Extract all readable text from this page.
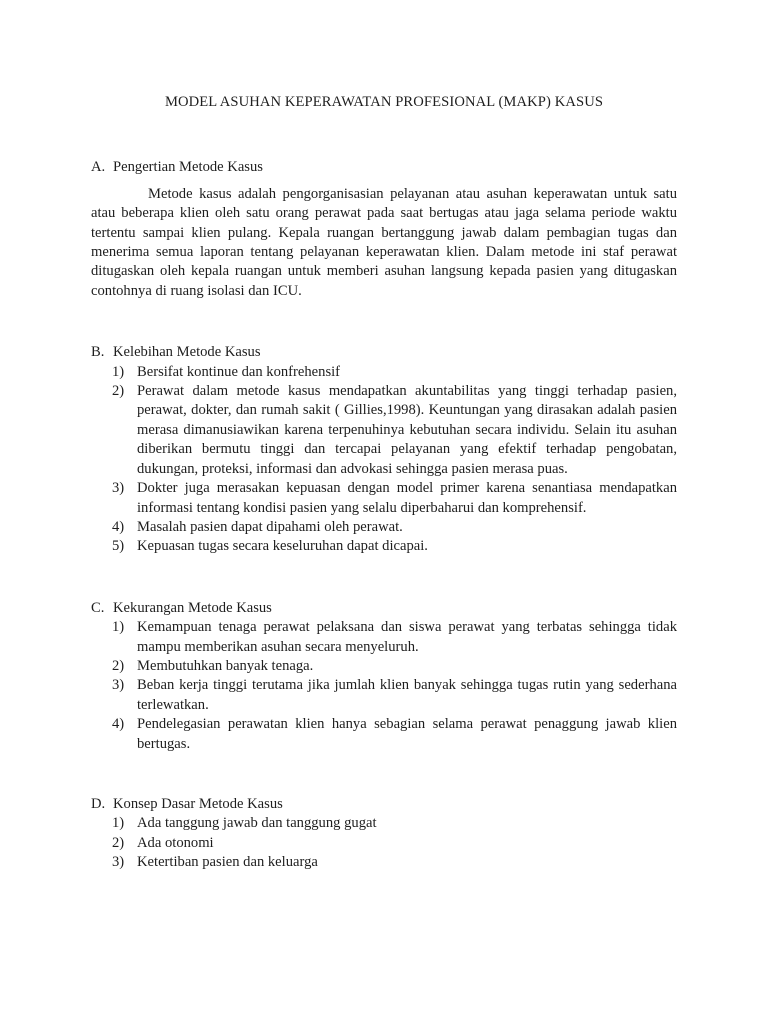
MODEL ASUHAN KEPERAWATAN PROFESIONAL (MAKP) KASUS
A. Pengertian Metode Kasus

Metode kasus adalah pengorganisasian pelayanan atau asuhan keperawatan untuk satu atau beberapa klien oleh satu orang perawat pada saat bertugas atau jaga selama periode waktu tertentu sampai klien pulang. Kepala ruangan bertanggung jawab dalam pembagian tugas dan menerima semua laporan tentang pelayanan keperawatan klien. Dalam metode ini staf perawat ditugaskan oleh kepala ruangan untuk memberi asuhan langsung kepada pasien yang ditugaskan contohnya di ruang isolasi dan ICU.

B. Kelebihan Metode Kasus
1) Bersifat kontinue dan konfrehensif
2) Perawat dalam metode kasus mendapatkan akuntabilitas yang tinggi terhadap pasien, perawat, dokter, dan rumah sakit ( Gillies,1998). Keuntungan yang dirasakan adalah pasien merasa dimanusiawikan karena terpenuhinya kebutuhan secara individu. Selain itu asuhan diberikan bermutu tinggi dan tercapai pelayanan yang efektif terhadap pengobatan, dukungan, proteksi, informasi dan advokasi sehingga pasien merasa puas.
3) Dokter juga merasakan kepuasan dengan model primer karena senantiasa mendapatkan informasi tentang kondisi pasien yang selalu diperbaharui dan komprehensif.
4) Masalah pasien dapat dipahami oleh perawat.
5) Kepuasan tugas secara keseluruhan dapat dicapai.
C. Kekurangan Metode Kasus
1) Kemampuan tenaga perawat pelaksana dan siswa perawat yang terbatas sehingga tidak mampu memberikan asuhan secara menyeluruh.
2) Membutuhkan banyak tenaga.
3) Beban kerja tinggi terutama jika jumlah klien banyak sehingga tugas rutin yang sederhana terlewatkan.
4) Pendelegasian perawatan klien hanya sebagian selama perawat penaggung jawab klien bertugas.
D. Konsep Dasar Metode Kasus
1) Ada tanggung jawab dan tanggung gugat
2) Ada otonomi
3) Ketertiban pasien dan keluarga
